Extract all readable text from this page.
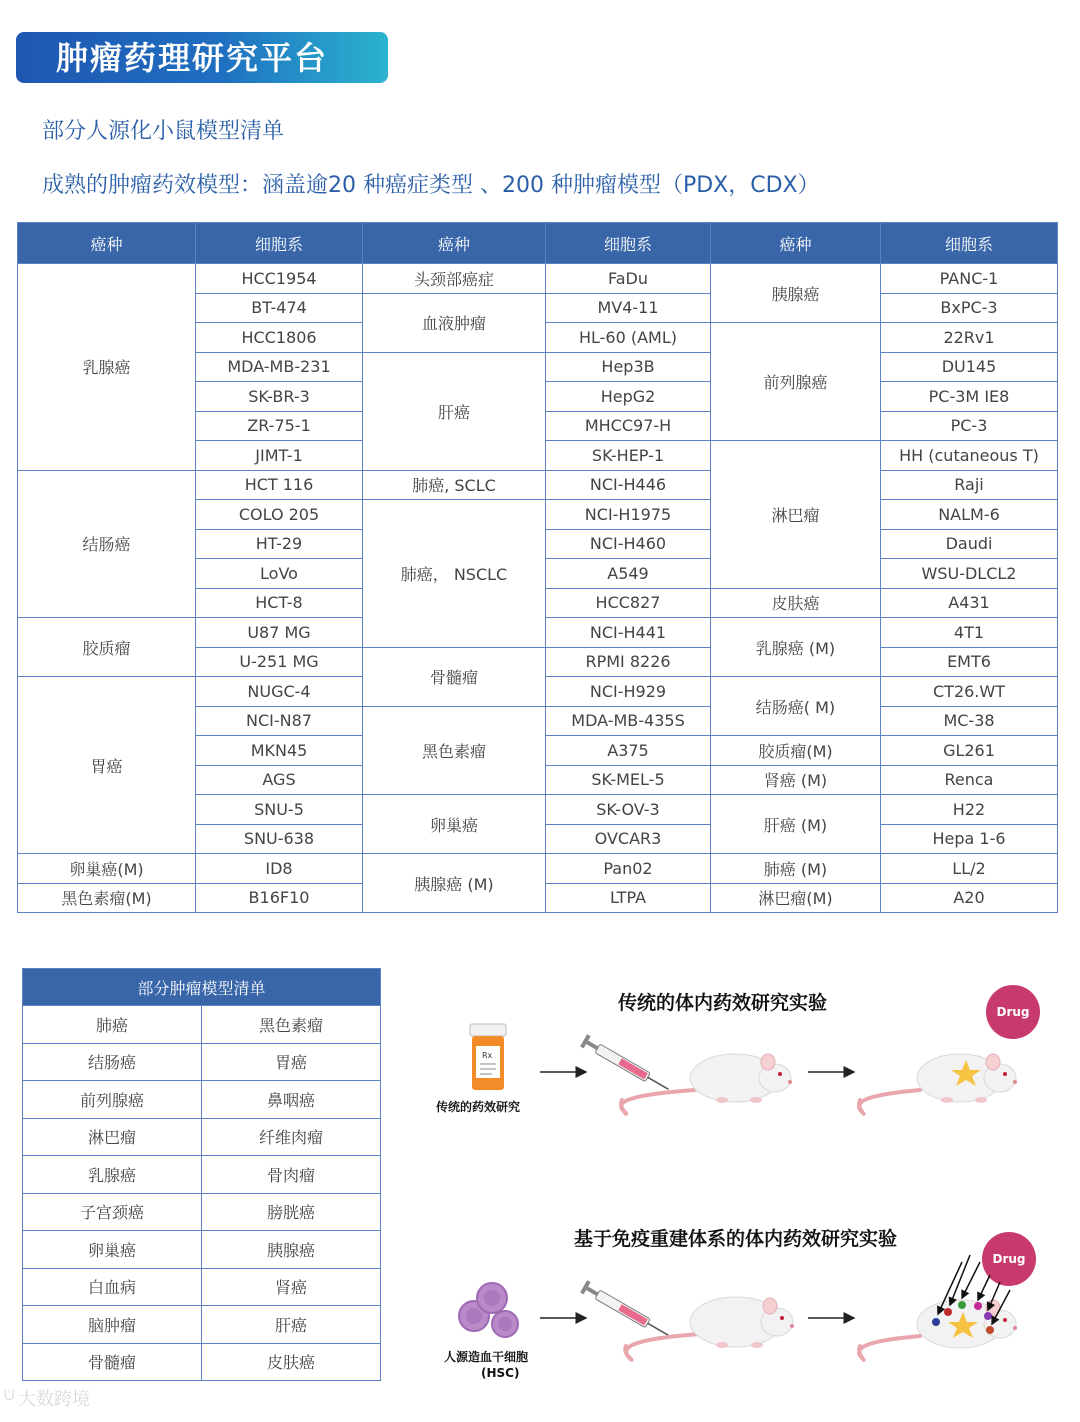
肿瘤药理研究平台
部分人源化小鼠模型清单
成熟的肿瘤药效模型：涵盖逾20 种癌症类型 、200 种肿瘤模型（PDX，CDX）
癌种	细胞系	癌种	细胞系	癌种	细胞系
乳腺癌	HCC1954	头颈部癌症	FaDu	胰腺癌	PANC-1
	BT-474	血液肿瘤	MV4-11		BxPC-3
	HCC1806		HL-60 (AML)	前列腺癌	22Rv1
	MDA-MB-231	肝癌	Hep3B		DU145
	SK-BR-3		HepG2		PC-3M IE8
	ZR-75-1		MHCC97-H		PC-3
	JIMT-1		SK-HEP-1	淋巴瘤	HH (cutaneous T)
结肠癌	HCT 116	肺癌, SCLC	NCI-H446		Raji
	COLO 205	肺癌， NSCLC	NCI-H1975		NALM-6
	HT-29		NCI-H460		Daudi
	LoVo		A549		WSU-DLCL2
	HCT-8		HCC827	皮肤癌	A431
胶质瘤	U87 MG		NCI-H441	乳腺癌 (M)	4T1
	U-251 MG	骨髓瘤	RPMI 8226		EMT6
胃癌	NUGC-4		NCI-H929	结肠癌( M)	CT26.WT
	NCI-N87	黑色素瘤	MDA-MB-435S		MC-38
	MKN45		A375	胶质瘤(M)	GL261
	AGS		SK-MEL-5	肾癌 (M)	Renca
	SNU-5	卵巢癌	SK-OV-3	肝癌 (M)	H22
	SNU-638		OVCAR3		Hepa 1-6
卵巢癌(M)	ID8	胰腺癌 (M)	Pan02	肺癌 (M)	LL/2
黑色素瘤(M)	B16F10		LTPA	淋巴瘤(M)	A20
部分肿瘤模型清单	
肺癌	黑色素瘤
结肠癌	胃癌
前列腺癌	鼻咽癌
淋巴瘤	纤维肉瘤
乳腺癌	骨肉瘤
子宫颈癌	膀胱癌
卵巢癌	胰腺癌
白血病	肾癌
脑肿瘤	肝癌
骨髓瘤	皮肤癌
传统的体内药效研究实验
基于免疫重建体系的体内药效研究实验
传统的药效研究
人源造血干细胞
(HSC)
Drug
Drug
Rx
ᕫ 大数跨境
